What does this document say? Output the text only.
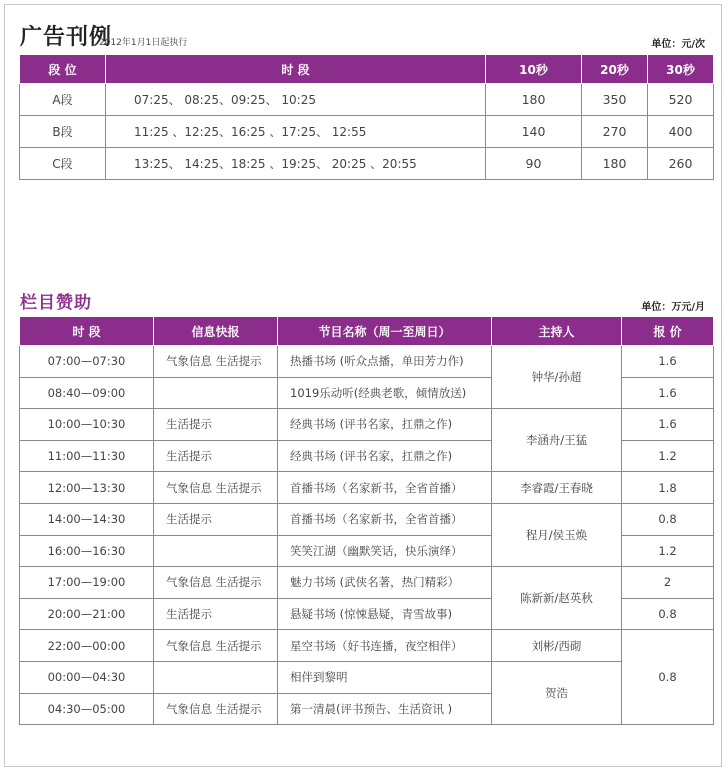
广告刊例
2012年1月1日起执行	单位：元/次
段 位	时 段	10秒	20秒	30秒
A段	07:25、 08:25、09:25、 10:25	180	350	520
B段	11:25 、12:25、16:25 、17:25、 12:55	140	270	400
C段	13:25、 14:25、18:25 、19:25、 20:25 、20:55	90	180	260
栏目赞助	单位：万元/月
时 段	信息快报	节目名称（周一至周日）	主持人	报 价
07:00—07:30	气象信息 生活提示	热播书场 (听众点播，单田芳力作)	钟华/孙超	1.6
08:40—09:00		1019乐动听(经典老歌，倾情放送)		1.6
10:00—10:30	生活提示	经典书场 (评书名家，扛鼎之作)	李涵舟/王猛	1.6
11:00—11:30	生活提示	经典书场 (评书名家，扛鼎之作)		1.2
12:00—13:30	气象信息 生活提示	首播书场（名家新书，全省首播）	李睿霞/王春晓	1.8
14:00—14:30	生活提示	首播书场（名家新书，全省首播）	程月/侯玉焕	0.8
16:00—16:30		笑笑江湖（幽默笑话，快乐演绎）		1.2
17:00—19:00	气象信息 生活提示	魅力书场 (武侠名著，热门精彩）	陈新新/赵英秋	2
20:00—21:00	生活提示	悬疑书场 (惊悚悬疑，青雪故事)		0.8
22:00—00:00	气象信息 生活提示	星空书场（好书连播，夜空相伴）	刘彬/西砌	0.8
00:00—04:30		相伴到黎明	贺浩	
04:30—05:00	气象信息 生活提示	第一清晨(评书预告、生活资讯 )		
